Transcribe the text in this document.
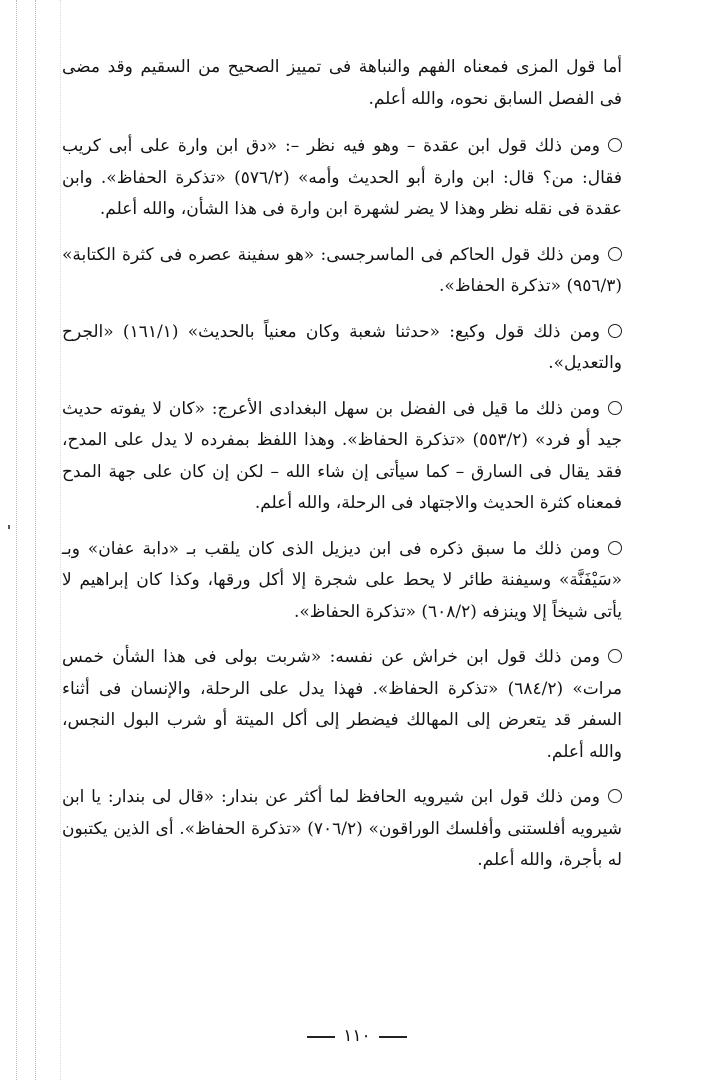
أما قول المزى فمعناه الفهم والنباهة فى تمييز الصحيح من السقيم وقد مضى فى الفصل السابق نحوه، والله أعلم.

ومن ذلك قول ابن عقدة – وهو فيه نظر –: «دق ابن وارة على أبى كريب فقال: من؟ قال: ابن وارة أبو الحديث وأمه» (٥٧٦/٢) «تذكرة الحفاظ». وابن عقدة فى نقله نظر وهذا لا يضر لشهرة ابن وارة فى هذا الشأن، والله أعلم.

ومن ذلك قول الحاكم فى الماسرجسى: «هو سفينة عصره فى كثرة الكتابة» (٩٥٦/٣) «تذكرة الحفاظ».

ومن ذلك قول وكيع: «حدثنا شعبة وكان معنياً بالحديث» (١٦١/١) «الجرح والتعديل».

ومن ذلك ما قيل فى الفضل بن سهل البغدادى الأعرج: «كان لا يفوته حديث جيد أو فرد» (٥٥٣/٢) «تذكرة الحفاظ». وهذا اللفظ بمفرده لا يدل على المدح، فقد يقال فى السارق – كما سيأتى إن شاء الله – لكن إن كان على جهة المدح فمعناه كثرة الحديث والاجتهاد فى الرحلة، والله أعلم.

ومن ذلك ما سبق ذكره فى ابن ديزيل الذى كان يلقب بـ «دابة عفان» وبـ «سَيْفَنَّة» وسيفنة طائر لا يحط على شجرة إلا أكل ورقها، وكذا كان إبراهيم لا يأتى شيخاً إلا وينزفه (٦٠٨/٢) «تذكرة الحفاظ».

ومن ذلك قول ابن خراش عن نفسه: «شربت بولى فى هذا الشأن خمس مرات» (٦٨٤/٢) «تذكرة الحفاظ». فهذا يدل على الرحلة، والإنسان فى أثناء السفر قد يتعرض إلى المهالك فيضطر إلى أكل الميتة أو شرب البول النجس، والله أعلم.

ومن ذلك قول ابن شيرويه الحافظ لما أكثر عن بندار: «قال لى بندار: يا ابن شيرويه أفلستنى وأفلسك الوراقون» (٧٠٦/٢) «تذكرة الحفاظ». أى الذين يكتبون له بأجرة، والله أعلم.

١١٠
